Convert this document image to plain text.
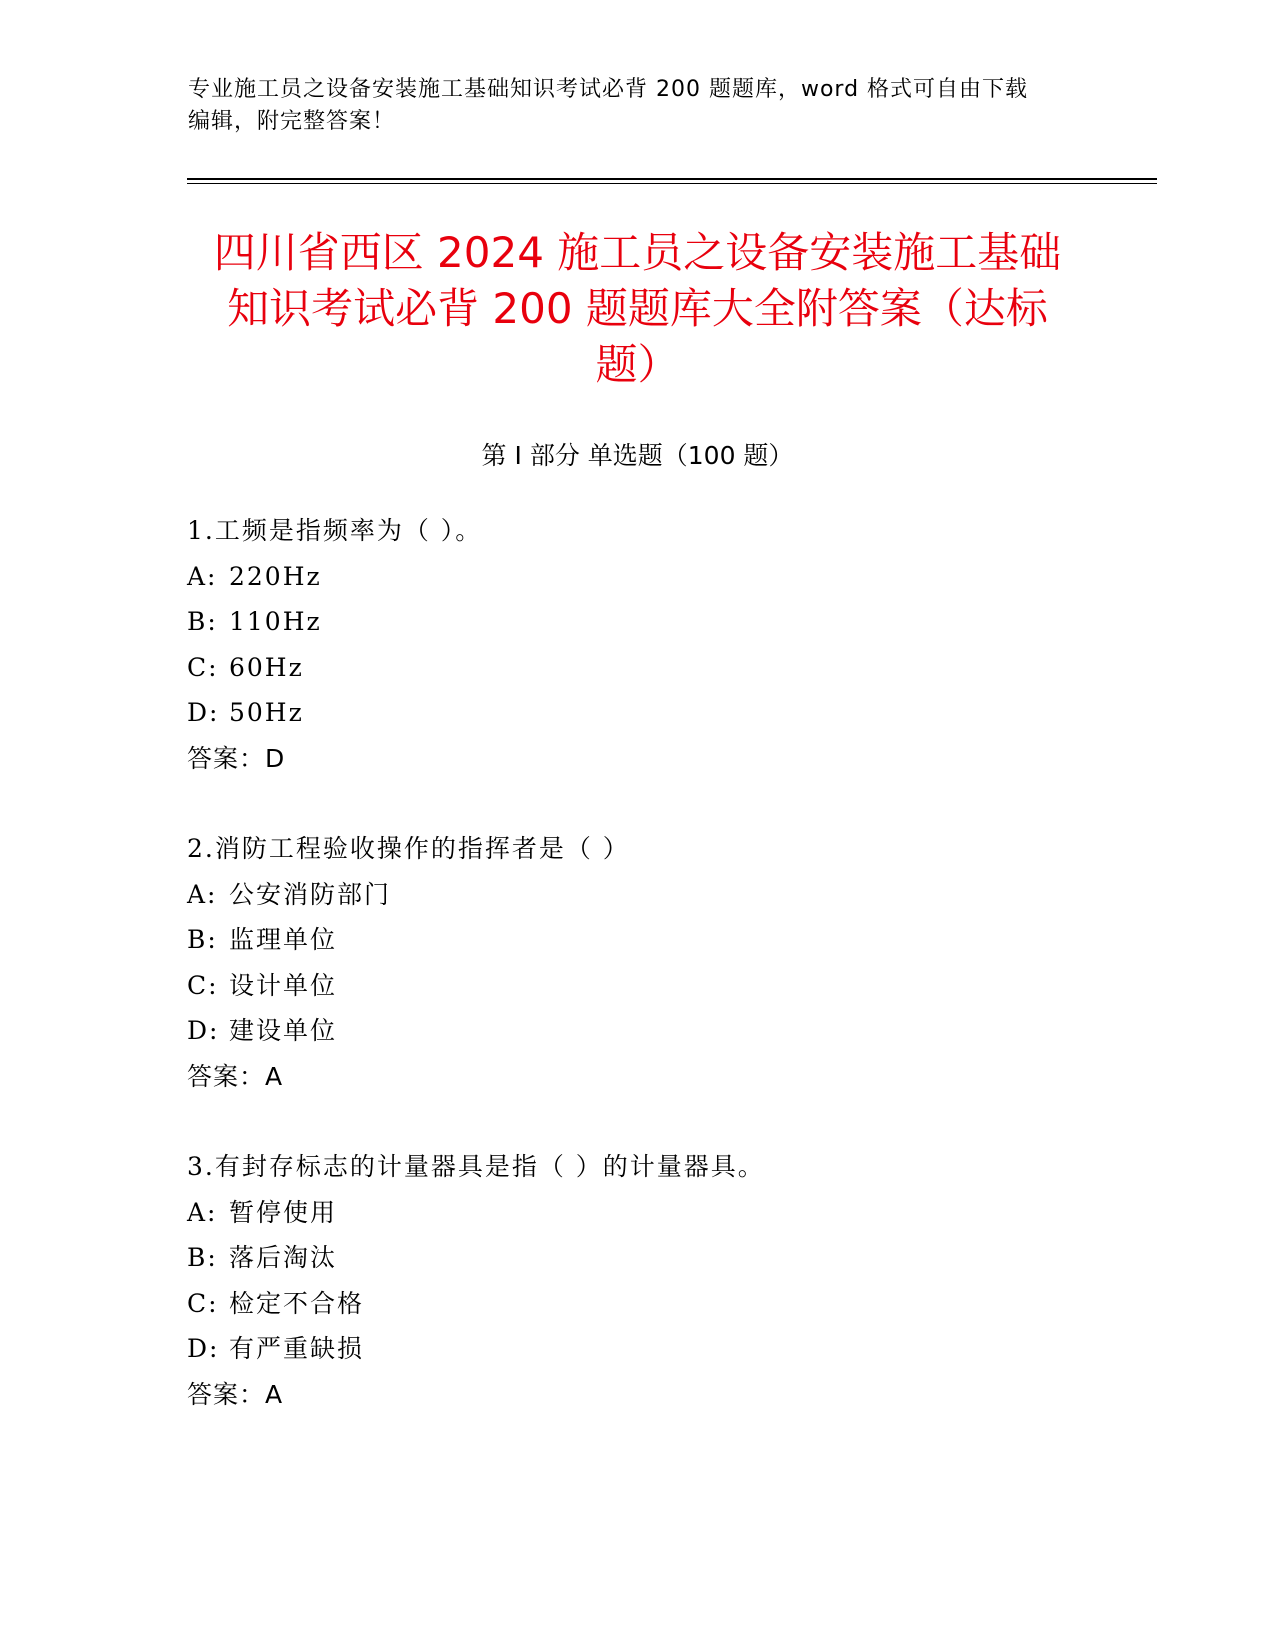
专业施工员之设备安装施工基础知识考试必背 200 题题库，word 格式可自由下载
编辑，附完整答案！
四川省西区 2024 施工员之设备安装施工基础
知识考试必背 200 题题库大全附答案（达标
题）
第 I 部分 单选题（100 题）
1.工频是指频率为（ ）。
A: 220Hz
B: 110Hz
C: 60Hz
D: 50Hz
答案：D
2.消防工程验收操作的指挥者是（ ）
A: 公安消防部门
B: 监理单位
C: 设计单位
D: 建设单位
答案：A
3.有封存标志的计量器具是指（ ）的计量器具。
A: 暂停使用
B: 落后淘汰
C: 检定不合格
D: 有严重缺损
答案：A
